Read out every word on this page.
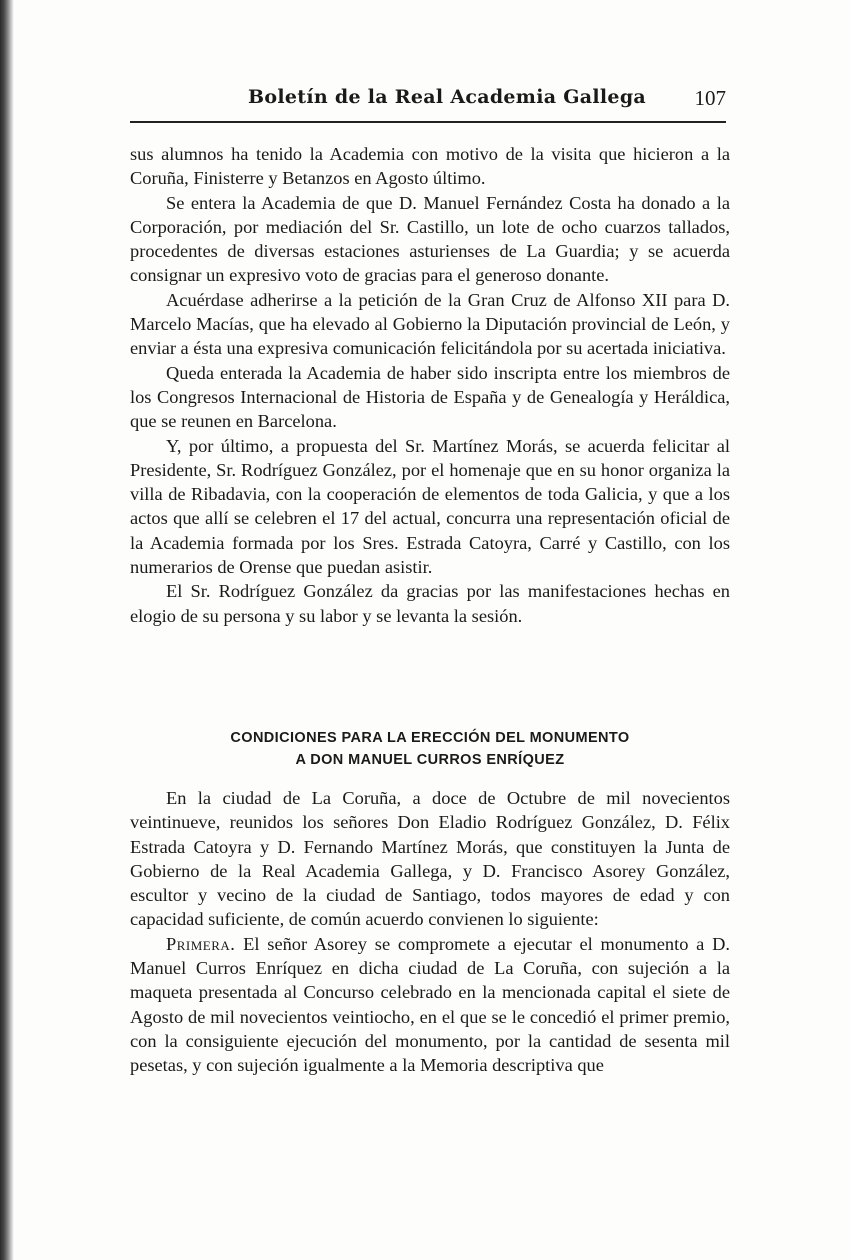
Boletín de la Real Academia Gallega 107

sus alumnos ha tenido la Academia con motivo de la visita que hicieron a la Coruña, Finisterre y Betanzos en Agosto último.

Se entera la Academia de que D. Manuel Fernández Costa ha donado a la Corporación, por mediación del Sr. Castillo, un lote de ocho cuarzos tallados, procedentes de diversas estaciones asturienses de La Guardia; y se acuerda consignar un expresivo voto de gracias para el generoso donante.

Acuérdase adherirse a la petición de la Gran Cruz de Alfonso XII para D. Marcelo Macías, que ha elevado al Gobierno la Diputación provincial de León, y enviar a ésta una expresiva comunicación felicitándola por su acertada iniciativa.

Queda enterada la Academia de haber sido inscripta entre los miembros de los Congresos Internacional de Historia de España y de Genealogía y Heráldica, que se reunen en Barcelona.

Y, por último, a propuesta del Sr. Martínez Morás, se acuerda felicitar al Presidente, Sr. Rodríguez González, por el homenaje que en su honor organiza la villa de Ribadavia, con la cooperación de elementos de toda Galicia, y que a los actos que allí se celebren el 17 del actual, concurra una representación oficial de la Academia formada por los Sres. Estrada Catoyra, Carré y Castillo, con los numerarios de Orense que puedan asistir.

El Sr. Rodríguez González da gracias por las manifestaciones hechas en elogio de su persona y su labor y se levanta la sesión.

CONDICIONES PARA LA ERECCIÓN DEL MONUMENTO
A DON MANUEL CURROS ENRÍQUEZ

En la ciudad de La Coruña, a doce de Octubre de mil novecientos veintinueve, reunidos los señores Don Eladio Rodríguez González, D. Félix Estrada Catoyra y D. Fernando Martínez Morás, que constituyen la Junta de Gobierno de la Real Academia Gallega, y D. Francisco Asorey González, escultor y vecino de la ciudad de Santiago, todos mayores de edad y con capacidad suficiente, de común acuerdo convienen lo siguiente:

Primera. El señor Asorey se compromete a ejecutar el monumento a D. Manuel Curros Enríquez en dicha ciudad de La Coruña, con sujeción a la maqueta presentada al Concurso celebrado en la mencionada capital el siete de Agosto de mil novecientos veintiocho, en el que se le concedió el primer premio, con la consiguiente ejecución del monumento, por la cantidad de sesenta mil pesetas, y con sujeción igualmente a la Memoria descriptiva que
